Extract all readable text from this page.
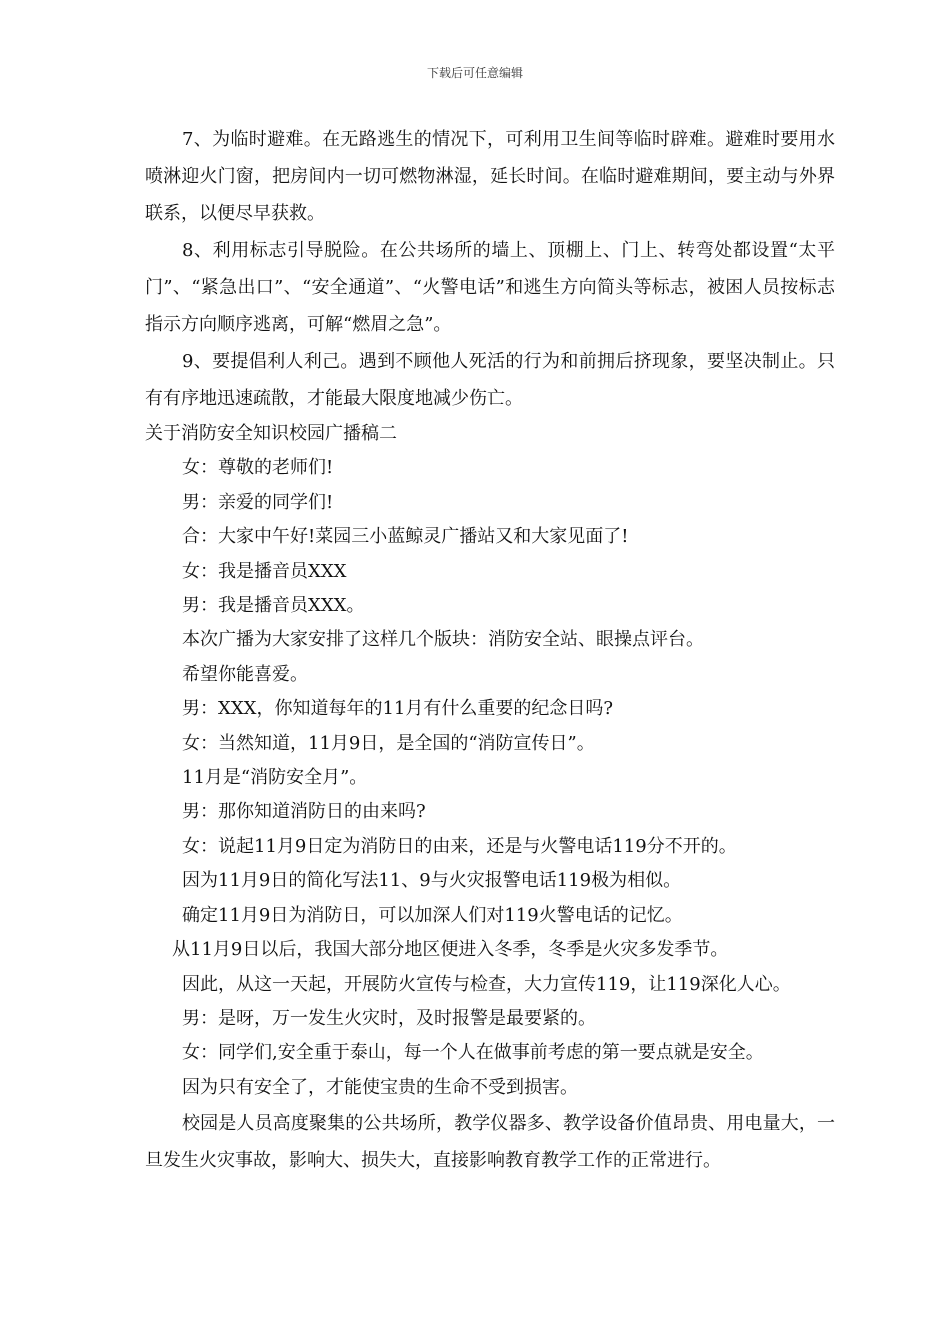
下载后可任意编辑

7、为临时避难。在无路逃生的情况下，可利用卫生间等临时辟难。避难时要用水喷淋迎火门窗，把房间内一切可燃物淋湿，延长时间。在临时避难期间，要主动与外界联系，以便尽早获救。

8、利用标志引导脱险。在公共场所的墙上、顶棚上、门上、转弯处都设置“太平门”、“紧急出口”、“安全通道”、“火警电话”和逃生方向简头等标志，被困人员按标志指示方向顺序逃离，可解“燃眉之急”。

9、要提倡利人利己。遇到不顾他人死活的行为和前拥后挤现象，要坚决制止。只有有序地迅速疏散，才能最大限度地减少伤亡。

关于消防安全知识校园广播稿二

女：尊敬的老师们!

男：亲爱的同学们!

合：大家中午好!菜园三小蓝鲸灵广播站又和大家见面了!

女：我是播音员XXX

男：我是播音员XXX。

本次广播为大家安排了这样几个版块：消防安全站、眼操点评台。

希望你能喜爱。

男：XXX，你知道每年的11月有什么重要的纪念日吗?

女：当然知道，11月9日，是全国的“消防宣传日”。

11月是“消防安全月”。

男：那你知道消防日的由来吗?

女：说起11月9日定为消防日的由来，还是与火警电话119分不开的。

因为11月9日的简化写法11、9与火灾报警电话119极为相似。

确定11月9日为消防日，可以加深人们对119火警电话的记忆。

从11月9日以后，我国大部分地区便进入冬季，冬季是火灾多发季节。

因此，从这一天起，开展防火宣传与检查，大力宣传119，让119深化人心。

男：是呀，万一发生火灾时，及时报警是最要紧的。

女：同学们,安全重于泰山，每一个人在做事前考虑的第一要点就是安全。

因为只有安全了，才能使宝贵的生命不受到损害。

校园是人员高度聚集的公共场所，教学仪器多、教学设备价值昂贵、用电量大，一旦发生火灾事故，影响大、损失大，直接影响教育教学工作的正常进行。
